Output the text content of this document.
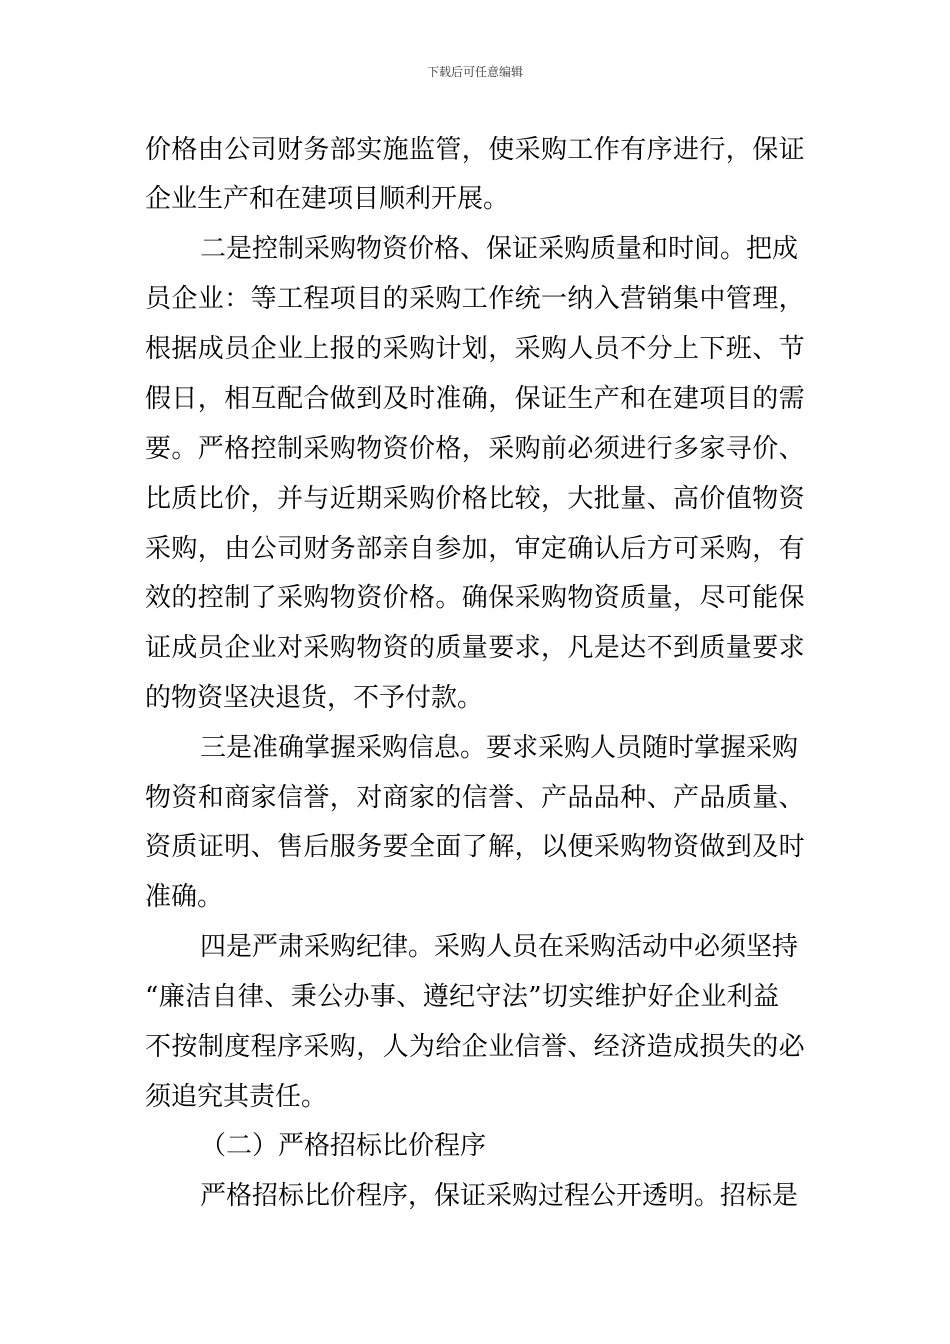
下载后可任意编辑
价格由公司财务部实施监管，使采购工作有序进行，保证
企业生产和在建项目顺利开展。
二是控制采购物资价格、保证采购质量和时间。把成
员企业：等工程项目的采购工作统一纳入营销集中管理，
根据成员企业上报的采购计划，采购人员不分上下班、节
假日，相互配合做到及时准确，保证生产和在建项目的需
要。严格控制采购物资价格，采购前必须进行多家寻价、
比质比价，并与近期采购价格比较，大批量、高价值物资
采购，由公司财务部亲自参加，审定确认后方可采购，有
效的控制了采购物资价格。确保采购物资质量，尽可能保
证成员企业对采购物资的质量要求，凡是达不到质量要求
的物资坚决退货，不予付款。
三是准确掌握采购信息。要求采购人员随时掌握采购
物资和商家信誉，对商家的信誉、产品品种、产品质量、
资质证明、售后服务要全面了解，以便采购物资做到及时
准确。
四是严肃采购纪律。采购人员在采购活动中必须坚持
“廉洁自律、秉公办事、遵纪守法”切实维护好企业利益
不按制度程序采购，人为给企业信誉、经济造成损失的必
须追究其责任。
（二）严格招标比价程序
严格招标比价程序，保证采购过程公开透明。招标是
